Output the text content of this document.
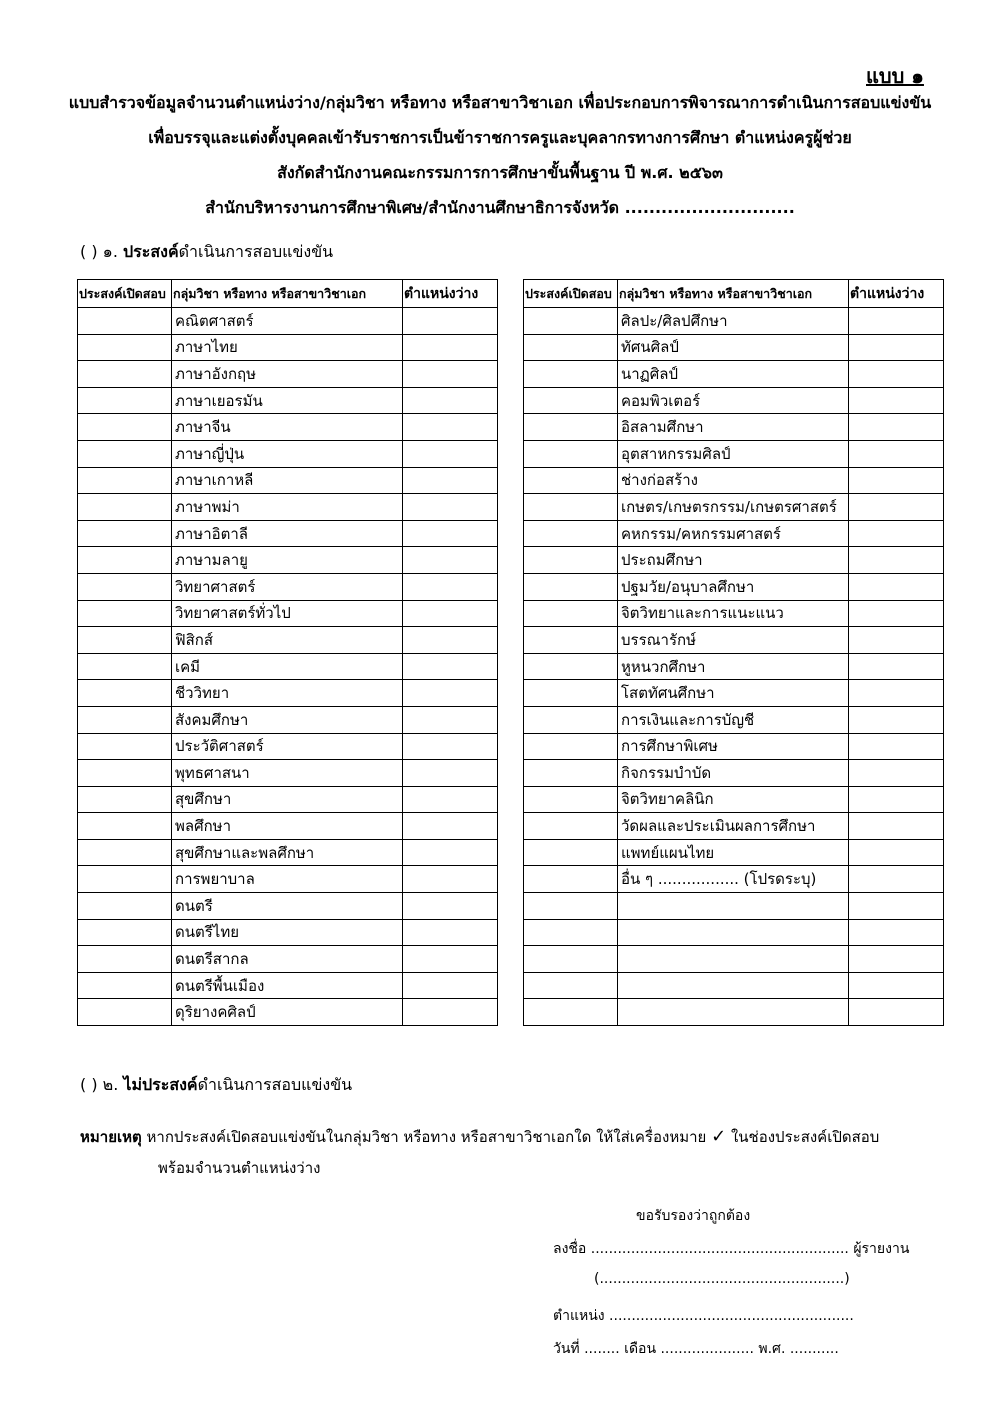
แบบ ๑
แบบสำรวจข้อมูลจำนวนตำแหน่งว่าง/กลุ่มวิชา หรือทาง หรือสาขาวิชาเอก เพื่อประกอบการพิจารณาการดำเนินการสอบแข่งขัน
เพื่อบรรจุและแต่งตั้งบุคคลเข้ารับราชการเป็นข้าราชการครูและบุคลากรทางการศึกษา ตำแหน่งครูผู้ช่วย
สังกัดสำนักงานคณะกรรมการการศึกษาขั้นพื้นฐาน ปี พ.ศ. ๒๕๖๓
สำนักบริหารงานการศึกษาพิเศษ/สำนักงานศึกษาธิการจังหวัด ............................
( ) ๑. ประสงค์ดำเนินการสอบแข่งขัน
ประสงค์เปิดสอบ	กลุ่มวิชา หรือทาง หรือสาขาวิชาเอก	ตำแหน่งว่าง
	คณิตศาสตร์	
	ภาษาไทย	
	ภาษาอังกฤษ	
	ภาษาเยอรมัน	
	ภาษาจีน	
	ภาษาญี่ปุ่น	
	ภาษาเกาหลี	
	ภาษาพม่า	
	ภาษาอิตาลี	
	ภาษามลายู	
	วิทยาศาสตร์	
	วิทยาศาสตร์ทั่วไป	
	ฟิสิกส์	
	เคมี	
	ชีววิทยา	
	สังคมศึกษา	
	ประวัติศาสตร์	
	พุทธศาสนา	
	สุขศึกษา	
	พลศึกษา	
	สุขศึกษาและพลศึกษา	
	การพยาบาล	
	ดนตรี	
	ดนตรีไทย	
	ดนตรีสากล	
	ดนตรีพื้นเมือง	
	ดุริยางคศิลป์	
ประสงค์เปิดสอบ	กลุ่มวิชา หรือทาง หรือสาขาวิชาเอก	ตำแหน่งว่าง
	ศิลปะ/ศิลปศึกษา	
	ทัศนศิลป์	
	นาฏศิลป์	
	คอมพิวเตอร์	
	อิสลามศึกษา	
	อุตสาหกรรมศิลป์	
	ช่างก่อสร้าง	
	เกษตร/เกษตรกรรม/เกษตรศาสตร์	
	คหกรรม/คหกรรมศาสตร์	
	ประถมศึกษา	
	ปฐมวัย/อนุบาลศึกษา	
	จิตวิทยาและการแนะแนว	
	บรรณารักษ์	
	หูหนวกศึกษา	
	โสตทัศนศึกษา	
	การเงินและการบัญชี	
	การศึกษาพิเศษ	
	กิจกรรมบำบัด	
	จิตวิทยาคลินิก	
	วัดผลและประเมินผลการศึกษา	
	แพทย์แผนไทย	
	อื่น ๆ ................. (โปรดระบุ)	

( ) ๒. ไม่ประสงค์ดำเนินการสอบแข่งขัน
หมายเหตุ หากประสงค์เปิดสอบแข่งขันในกลุ่มวิชา หรือทาง หรือสาขาวิชาเอกใด ให้ใส่เครื่องหมาย ✓ ในช่องประสงค์เปิดสอบ
พร้อมจำนวนตำแหน่งว่าง
ขอรับรองว่าถูกต้อง
ลงชื่อ .......................................................... ผู้รายงาน
(.......................................................)
ตำแหน่ง .......................................................
วันที่ ........ เดือน ..................... พ.ศ. ...........
